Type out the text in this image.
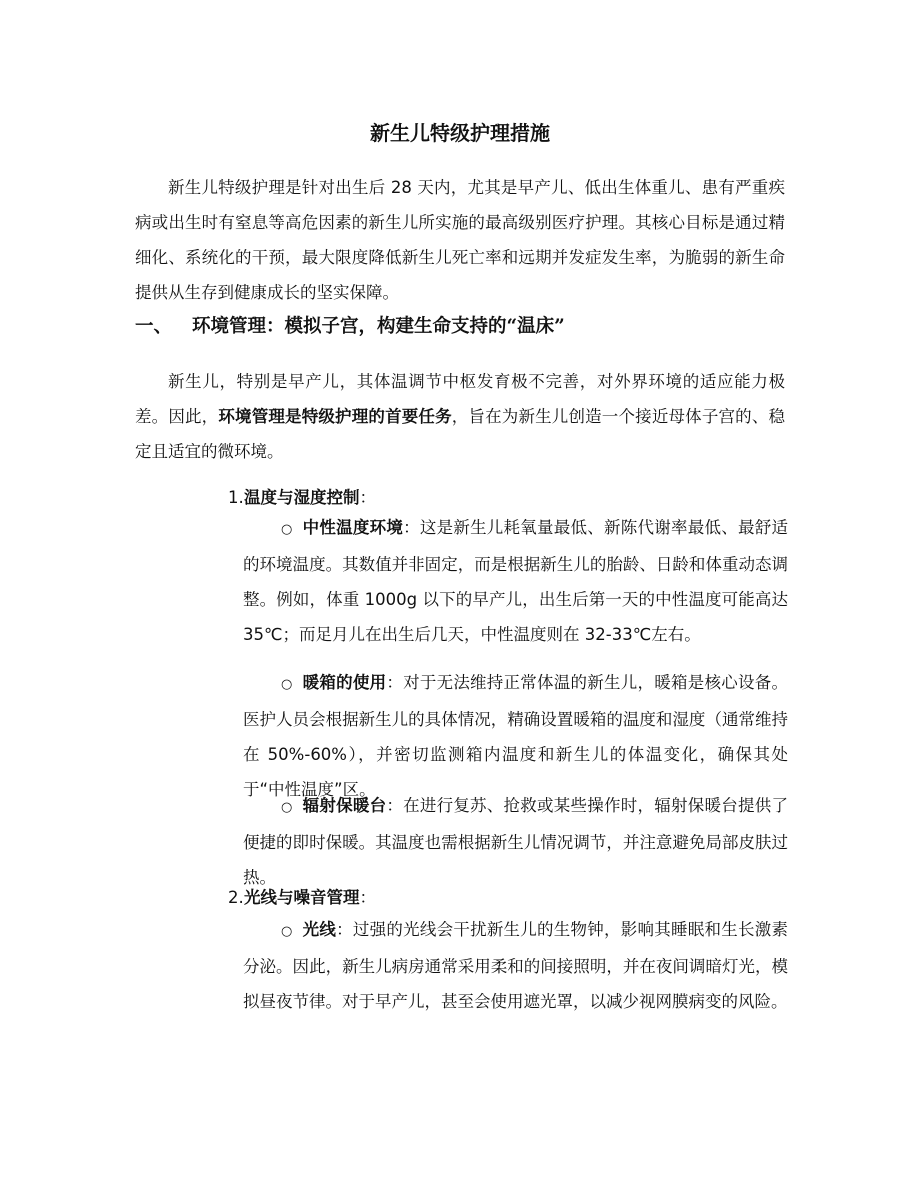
新生儿特级护理措施

新生儿特级护理是针对出生后 28 天内，尤其是早产儿、低出生体重儿、患有严重疾病或出生时有窒息等高危因素的新生儿所实施的最高级别医疗护理。其核心目标是通过精细化、系统化的干预，最大限度降低新生儿死亡率和远期并发症发生率，为脆弱的新生命提供从生存到健康成长的坚实保障。

一、 环境管理：模拟子宫，构建生命支持的“温床”

新生儿，特别是早产儿，其体温调节中枢发育极不完善，对外界环境的适应能力极差。因此，环境管理是特级护理的首要任务，旨在为新生儿创造一个接近母体子宫的、稳定且适宜的微环境。

1.温度与湿度控制：

○ 中性温度环境：这是新生儿耗氧量最低、新陈代谢率最低、最舒适的环境温度。其数值并非固定，而是根据新生儿的胎龄、日龄和体重动态调整。例如，体重 1000g 以下的早产儿，出生后第一天的中性温度可能高达 35℃；而足月儿在出生后几天，中性温度则在 32-33℃左右。

○ 暖箱的使用：对于无法维持正常体温的新生儿，暖箱是核心设备。医护人员会根据新生儿的具体情况，精确设置暖箱的温度和湿度（通常维持在 50%-60%），并密切监测箱内温度和新生儿的体温变化，确保其处于“中性温度”区。

○ 辐射保暖台：在进行复苏、抢救或某些操作时，辐射保暖台提供了便捷的即时保暖。其温度也需根据新生儿情况调节，并注意避免局部皮肤过热。

2.光线与噪音管理：

○ 光线：过强的光线会干扰新生儿的生物钟，影响其睡眠和生长激素分泌。因此，新生儿病房通常采用柔和的间接照明，并在夜间调暗灯光，模拟昼夜节律。对于早产儿，甚至会使用遮光罩，以减少视网膜病变的风险。
